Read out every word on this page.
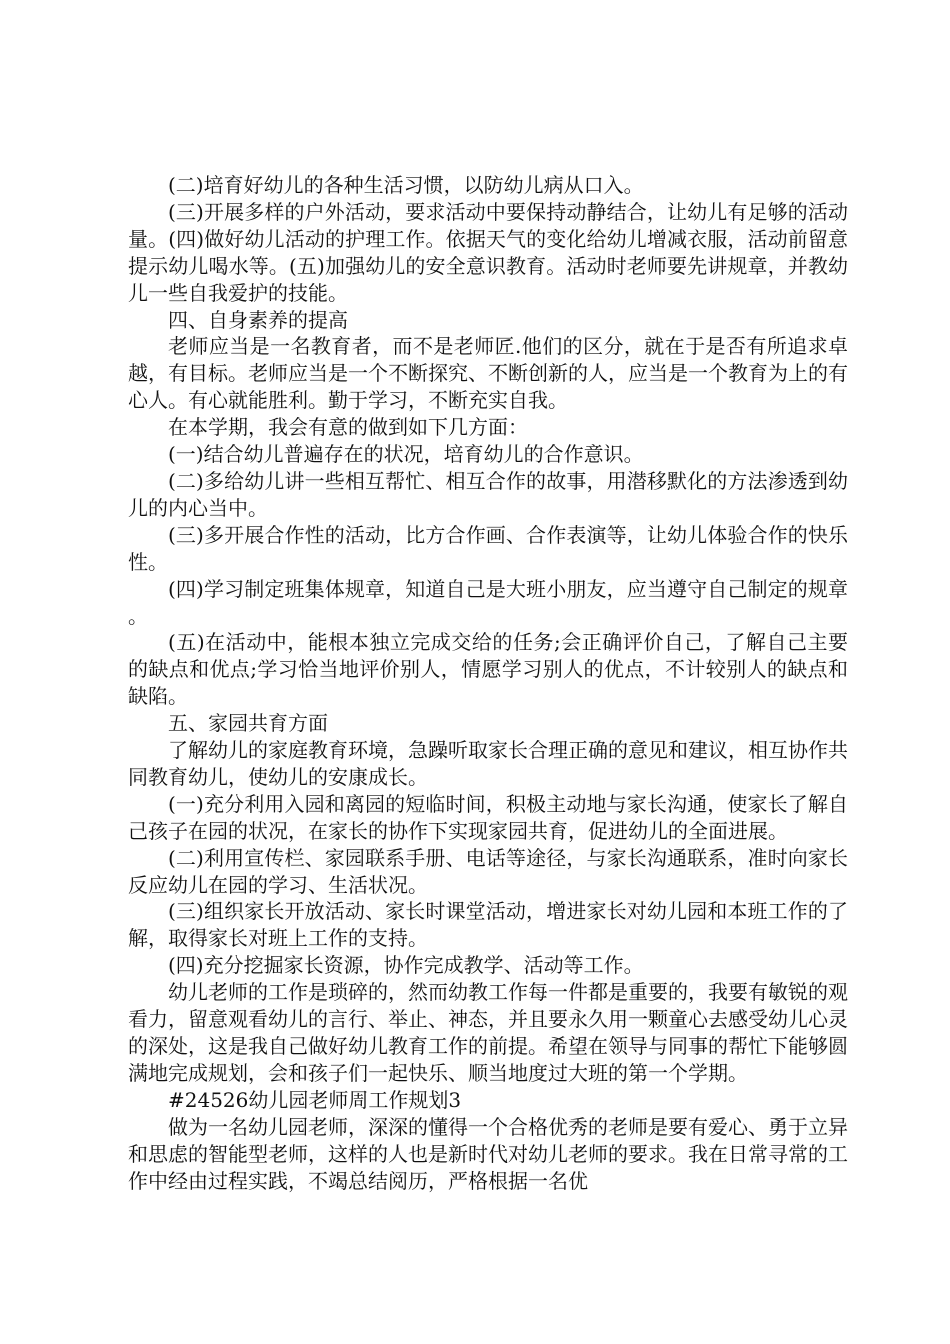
(二)培育好幼儿的各种生活习惯，以防幼儿病从口入。

(三)开展多样的户外活动，要求活动中要保持动静结合，让幼儿有足够的活动量。(四)做好幼儿活动的护理工作。依据天气的变化给幼儿增减衣服，活动前留意提示幼儿喝水等。(五)加强幼儿的安全意识教育。活动时老师要先讲规章，并教幼儿一些自我爱护的技能。

四、自身素养的提高

老师应当是一名教育者，而不是老师匠.他们的区分，就在于是否有所追求卓越，有目标。老师应当是一个不断探究、不断创新的人，应当是一个教育为上的有心人。有心就能胜利。勤于学习，不断充实自我。

在本学期，我会有意的做到如下几方面：

(一)结合幼儿普遍存在的状况，培育幼儿的合作意识。

(二)多给幼儿讲一些相互帮忙、相互合作的故事，用潜移默化的方法渗透到幼儿的内心当中。

(三)多开展合作性的活动，比方合作画、合作表演等，让幼儿体验合作的快乐性。

(四)学习制定班集体规章，知道自己是大班小朋友，应当遵守自己制定的规章。

(五)在活动中，能根本独立完成交给的任务;会正确评价自己，了解自己主要的缺点和优点;学习恰当地评价别人，情愿学习别人的优点，不计较别人的缺点和缺陷。

五、家园共育方面

了解幼儿的家庭教育环境，急躁听取家长合理正确的意见和建议，相互协作共同教育幼儿，使幼儿的安康成长。

(一)充分利用入园和离园的短临时间，积极主动地与家长沟通，使家长了解自己孩子在园的状况，在家长的协作下实现家园共育，促进幼儿的全面进展。

(二)利用宣传栏、家园联系手册、电话等途径，与家长沟通联系，准时向家长反应幼儿在园的学习、生活状况。

(三)组织家长开放活动、家长时课堂活动，增进家长对幼儿园和本班工作的了解，取得家长对班上工作的支持。

(四)充分挖掘家长资源，协作完成教学、活动等工作。

幼儿老师的工作是琐碎的，然而幼教工作每一件都是重要的，我要有敏锐的观看力，留意观看幼儿的言行、举止、神态，并且要永久用一颗童心去感受幼儿心灵的深处，这是我自己做好幼儿教育工作的前提。希望在领导与同事的帮忙下能够圆满地完成规划，会和孩子们一起快乐、顺当地度过大班的第一个学期。

#24526幼儿园老师周工作规划3

做为一名幼儿园老师，深深的懂得一个合格优秀的老师是要有爱心、勇于立异和思虑的智能型老师，这样的人也是新时代对幼儿老师的要求。我在日常寻常的工作中经由过程实践，不竭总结阅历，严格根据一名优
